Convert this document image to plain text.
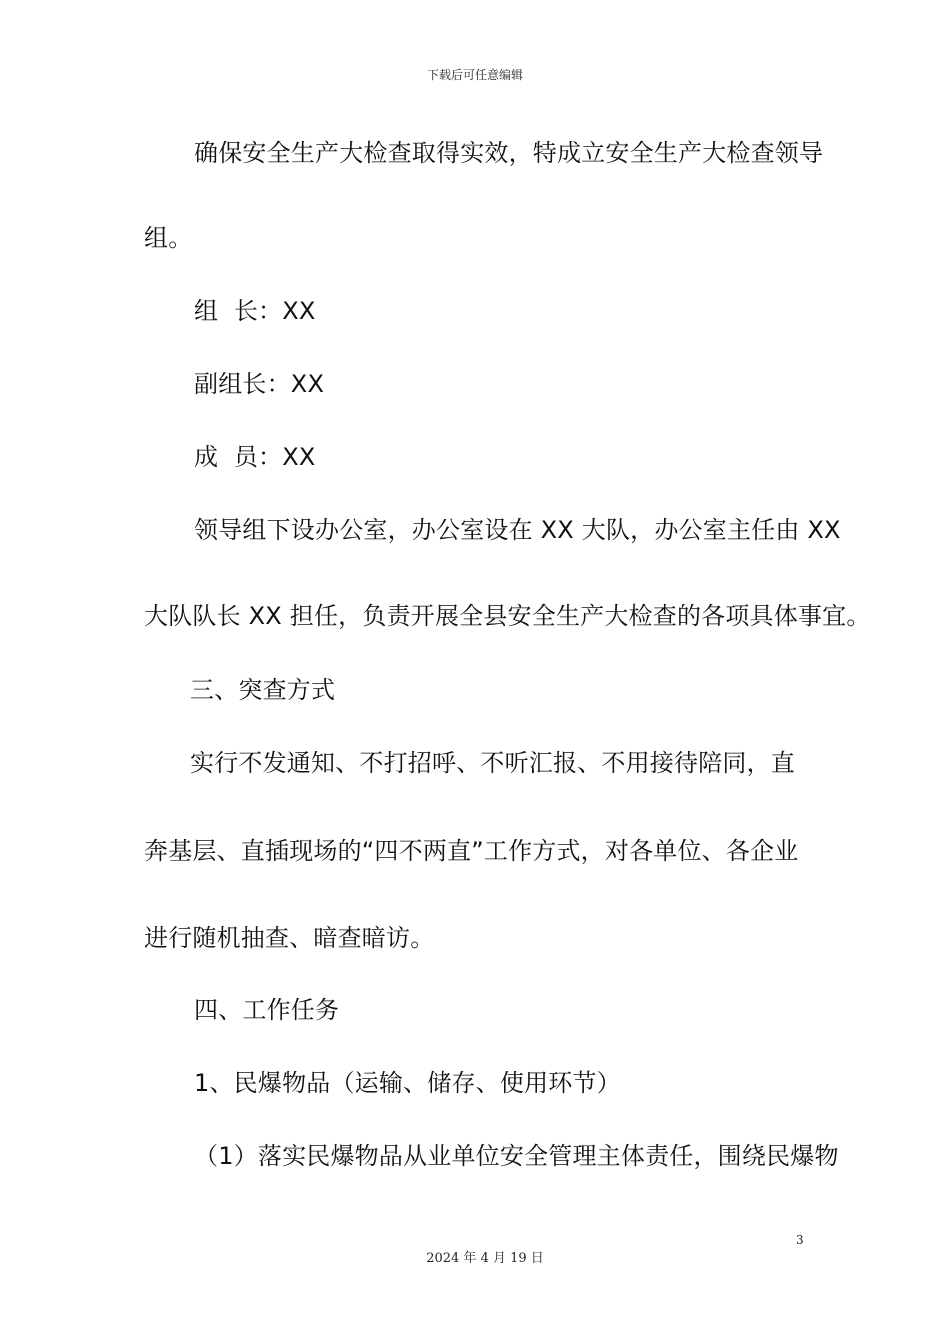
下载后可任意编辑
确保安全生产大检查取得实效，特成立安全生产大检查领导
组。
组  长：XX
副组长：XX
成  员：XX
领导组下设办公室，办公室设在 XX 大队，办公室主任由 XX
大队队长 XX 担任，负责开展全县安全生产大检查的各项具体事宜。
三、突查方式
实行不发通知、不打招呼、不听汇报、不用接待陪同，直
奔基层、直插现场的“四不两直”工作方式，对各单位、各企业
进行随机抽查、暗查暗访。
四、工作任务
1、民爆物品（运输、储存、使用环节）
（1）落实民爆物品从业单位安全管理主体责任，围绕民爆物
3
2024 年 4 月 19 日
